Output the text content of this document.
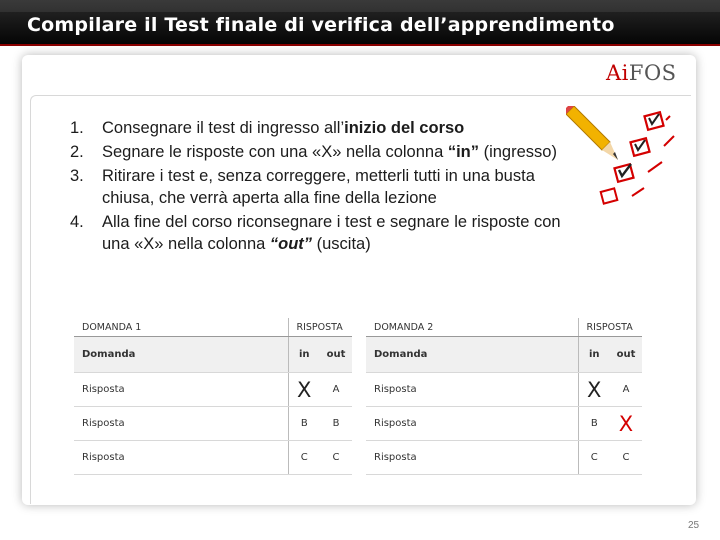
Compilare il Test finale di verifica dell’apprendimento
AiFOS
1. Consegnare il test di ingresso all’inizio del corso
2. Segnare le risposte con una «X» nella colonna “in” (ingresso)
3. Ritirare i test e, senza correggere, metterli tutti in una busta chiusa, che verrà aperta alla fine della lezione
4. Alla fine del corso riconsegnare i test e segnare le risposte con una «X» nella colonna “out” (uscita)
DOMANDA 1	RISPOSTA	
Domanda	in	out
Risposta	X	A
Risposta	B	B
Risposta	C	C
DOMANDA 2	RISPOSTA	
Domanda	in	out
Risposta	X	A
Risposta	B	X
Risposta	C	C
25
